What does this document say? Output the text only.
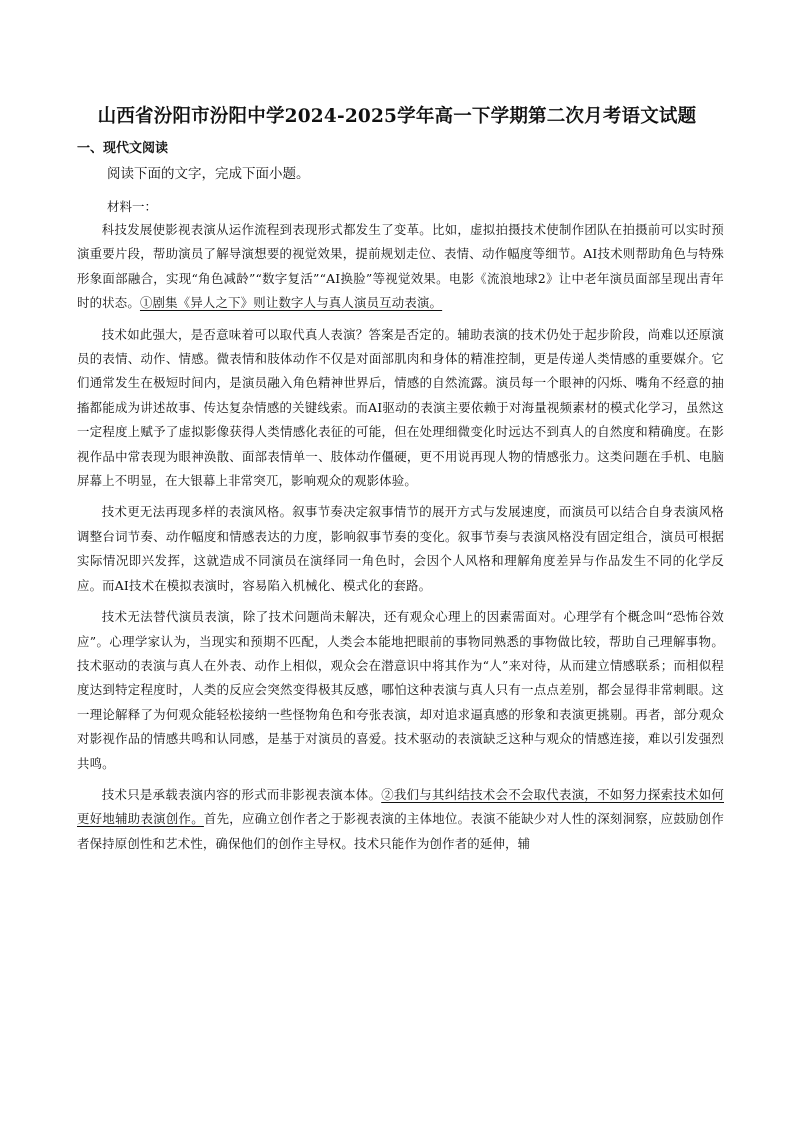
山西省汾阳市汾阳中学2024-2025学年高一下学期第二次月考语文试题
一、现代文阅读
阅读下面的文字，完成下面小题。
材料一：

科技发展使影视表演从运作流程到表现形式都发生了变革。比如，虚拟拍摄技术使制作团队在拍摄前可以实时预演重要片段，帮助演员了解导演想要的视觉效果，提前规划走位、表情、动作幅度等细节。AI技术则帮助角色与特殊形象面部融合，实现“角色减龄”“数字复活”“AI换脸”等视觉效果。电影《流浪地球2》让中老年演员面部呈现出青年时的状态。①剧集《异人之下》则让数字人与真人演员互动表演。

技术如此强大，是否意味着可以取代真人表演？答案是否定的。辅助表演的技术仍处于起步阶段，尚难以还原演员的表情、动作、情感。微表情和肢体动作不仅是对面部肌肉和身体的精准控制，更是传递人类情感的重要媒介。它们通常发生在极短时间内，是演员融入角色精神世界后，情感的自然流露。演员每一个眼神的闪烁、嘴角不经意的抽搐都能成为讲述故事、传达复杂情感的关键线索。而AI驱动的表演主要依赖于对海量视频素材的模式化学习，虽然这一定程度上赋予了虚拟影像获得人类情感化表征的可能，但在处理细微变化时远达不到真人的自然度和精确度。在影视作品中常表现为眼神涣散、面部表情单一、肢体动作僵硬，更不用说再现人物的情感张力。这类问题在手机、电脑屏幕上不明显，在大银幕上非常突兀，影响观众的观影体验。

技术更无法再现多样的表演风格。叙事节奏决定叙事情节的展开方式与发展速度，而演员可以结合自身表演风格调整台词节奏、动作幅度和情感表达的力度，影响叙事节奏的变化。叙事节奏与表演风格没有固定组合，演员可根据实际情况即兴发挥，这就造成不同演员在演绎同一角色时，会因个人风格和理解角度差异与作品发生不同的化学反应。而AI技术在模拟表演时，容易陷入机械化、模式化的套路。

技术无法替代演员表演，除了技术问题尚未解决，还有观众心理上的因素需面对。心理学有个概念叫“恐怖谷效应”。心理学家认为，当现实和预期不匹配，人类会本能地把眼前的事物同熟悉的事物做比较，帮助自己理解事物。技术驱动的表演与真人在外表、动作上相似，观众会在潜意识中将其作为“人”来对待，从而建立情感联系；而相似程度达到特定程度时，人类的反应会突然变得极其反感，哪怕这种表演与真人只有一点点差别，都会显得非常刺眼。这一理论解释了为何观众能轻松接纳一些怪物角色和夸张表演，却对追求逼真感的形象和表演更挑剔。再者，部分观众对影视作品的情感共鸣和认同感，是基于对演员的喜爱。技术驱动的表演缺乏这种与观众的情感连接，难以引发强烈共鸣。

技术只是承载表演内容的形式而非影视表演本体。②我们与其纠结技术会不会取代表演，不如努力探索技术如何更好地辅助表演创作。首先，应确立创作者之于影视表演的主体地位。表演不能缺少对人性的深刻洞察，应鼓励创作者保持原创性和艺术性，确保他们的创作主导权。技术只能作为创作者的延伸，辅
